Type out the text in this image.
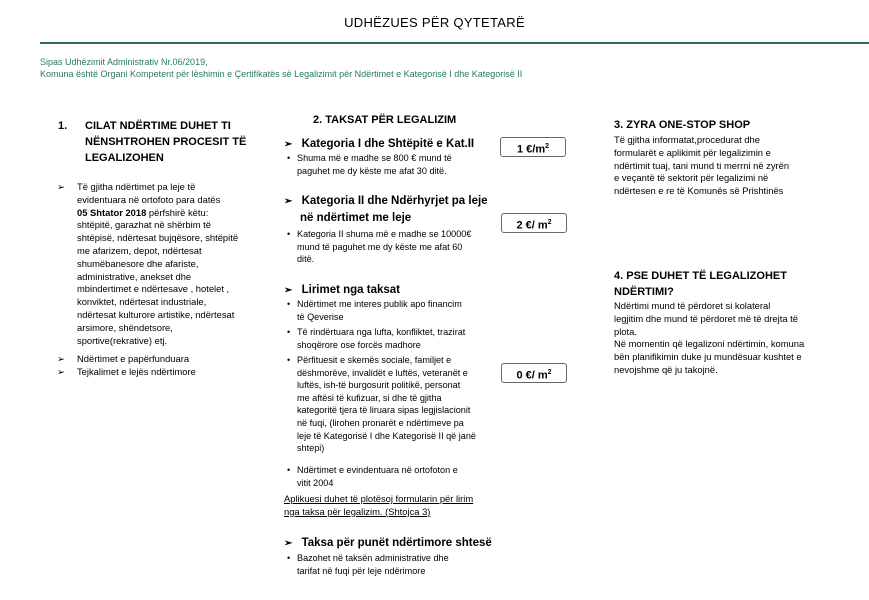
UDHËZUES PËR QYTETARË
Sipas Udhëzimit Administrativ Nr.06/2019,
Komuna është Organi Kompetent për lëshimin e Çertifikatës së Legalizimit për Ndërtimet e Kategorisë I dhe Kategorisë II
1. CILAT NDËRTIME DUHET TI
NËNSHTROHEN PROCESIT TË
LEGALIZOHEN
➢ Të gjitha ndërtimet pa leje të
evidentuara në ortofoto para datës
05 Shtator 2018 përfshirë këtu:
shtëpitë, garazhat në shërbim të
shtëpisë, ndërtesat bujqësore, shtëpitë
me afarizem, depot, ndërtesat
shumëbanesore dhe afariste,
administrative, anekset dhe
mbindertimet e ndërtesave , hotelet ,
konviktet, ndërtesat industriale,
ndërtesat kulturore artistike, ndërtesat
arsimore, shëndetsore,
sportive(rekrative) etj.
➢ Ndërtimet e papërfunduara
➢ Tejkalimet e lejës ndërtimore
2. TAKSAT PËR LEGALIZIM
➢ Kategoria I dhe Shtëpitë e Kat.II
• Shuma më e madhe se 800 € mund të
paguhet me dy këste me afat 30 ditë.
➢ Kategoria II dhe Ndërhyrjet pa leje
në ndërtimet me leje
• Kategoria II shuma më e madhe se 10000€
mund të paguhet me dy këste me afat 60
ditë.
➢ Lirimet nga taksat
• Ndërtimet me interes publik apo financim
të Qeverise
• Të rindërtuara nga lufta, konfliktet, trazirat
shoqërore ose forcës madhore
• Përfituesit e skemës sociale, familjet e
dëshmorëve, invalidët e luftës, veteranët e
luftës, ish-të burgosurit politikë, personat
me aftësi të kufizuar, si dhe të gjitha
kategoritë tjera të liruara sipas legjislacionit
në fuqi, (lirohen pronarët e ndërtimeve pa
leje të Kategorisë I dhe Kategorisë II që janë
shtepi)
• Ndërtimet e evindentuara në ortofoton e
vitit 2004
Aplikuesi duhet të plotësoj formularin për lirim
nga taksa për legalizim. (Shtojca 3)
➢ Taksa për punët ndërtimore shtesë
• Bazohet në taksën administrative dhe
tarifat në fuqi për leje ndërimore
1 $€/m^2$
2 €/ $m^2$
0 €/ $m^2$
3. ZYRA ONE-STOP SHOP
Të gjitha informatat,procedurat dhe
formularët e aplikimit për legalizimin e
ndërtimit tuaj, tani mund ti merrni në zyrën
e veçantë të sektorit për legalizimi në
ndërtesen e re të Komunës së Prishtinës
4. PSE DUHET TË LEGALIZOHET
NDËRTIMI?
Ndërtimi mund të përdoret si kolateral
legjitim dhe mund të përdoret më të drejta të
plota.
Në momentin që legalizoni ndërtimin, komuna
bën planifikimin duke ju mundësuar kushtet e
nevojshme që ju takojnë.
